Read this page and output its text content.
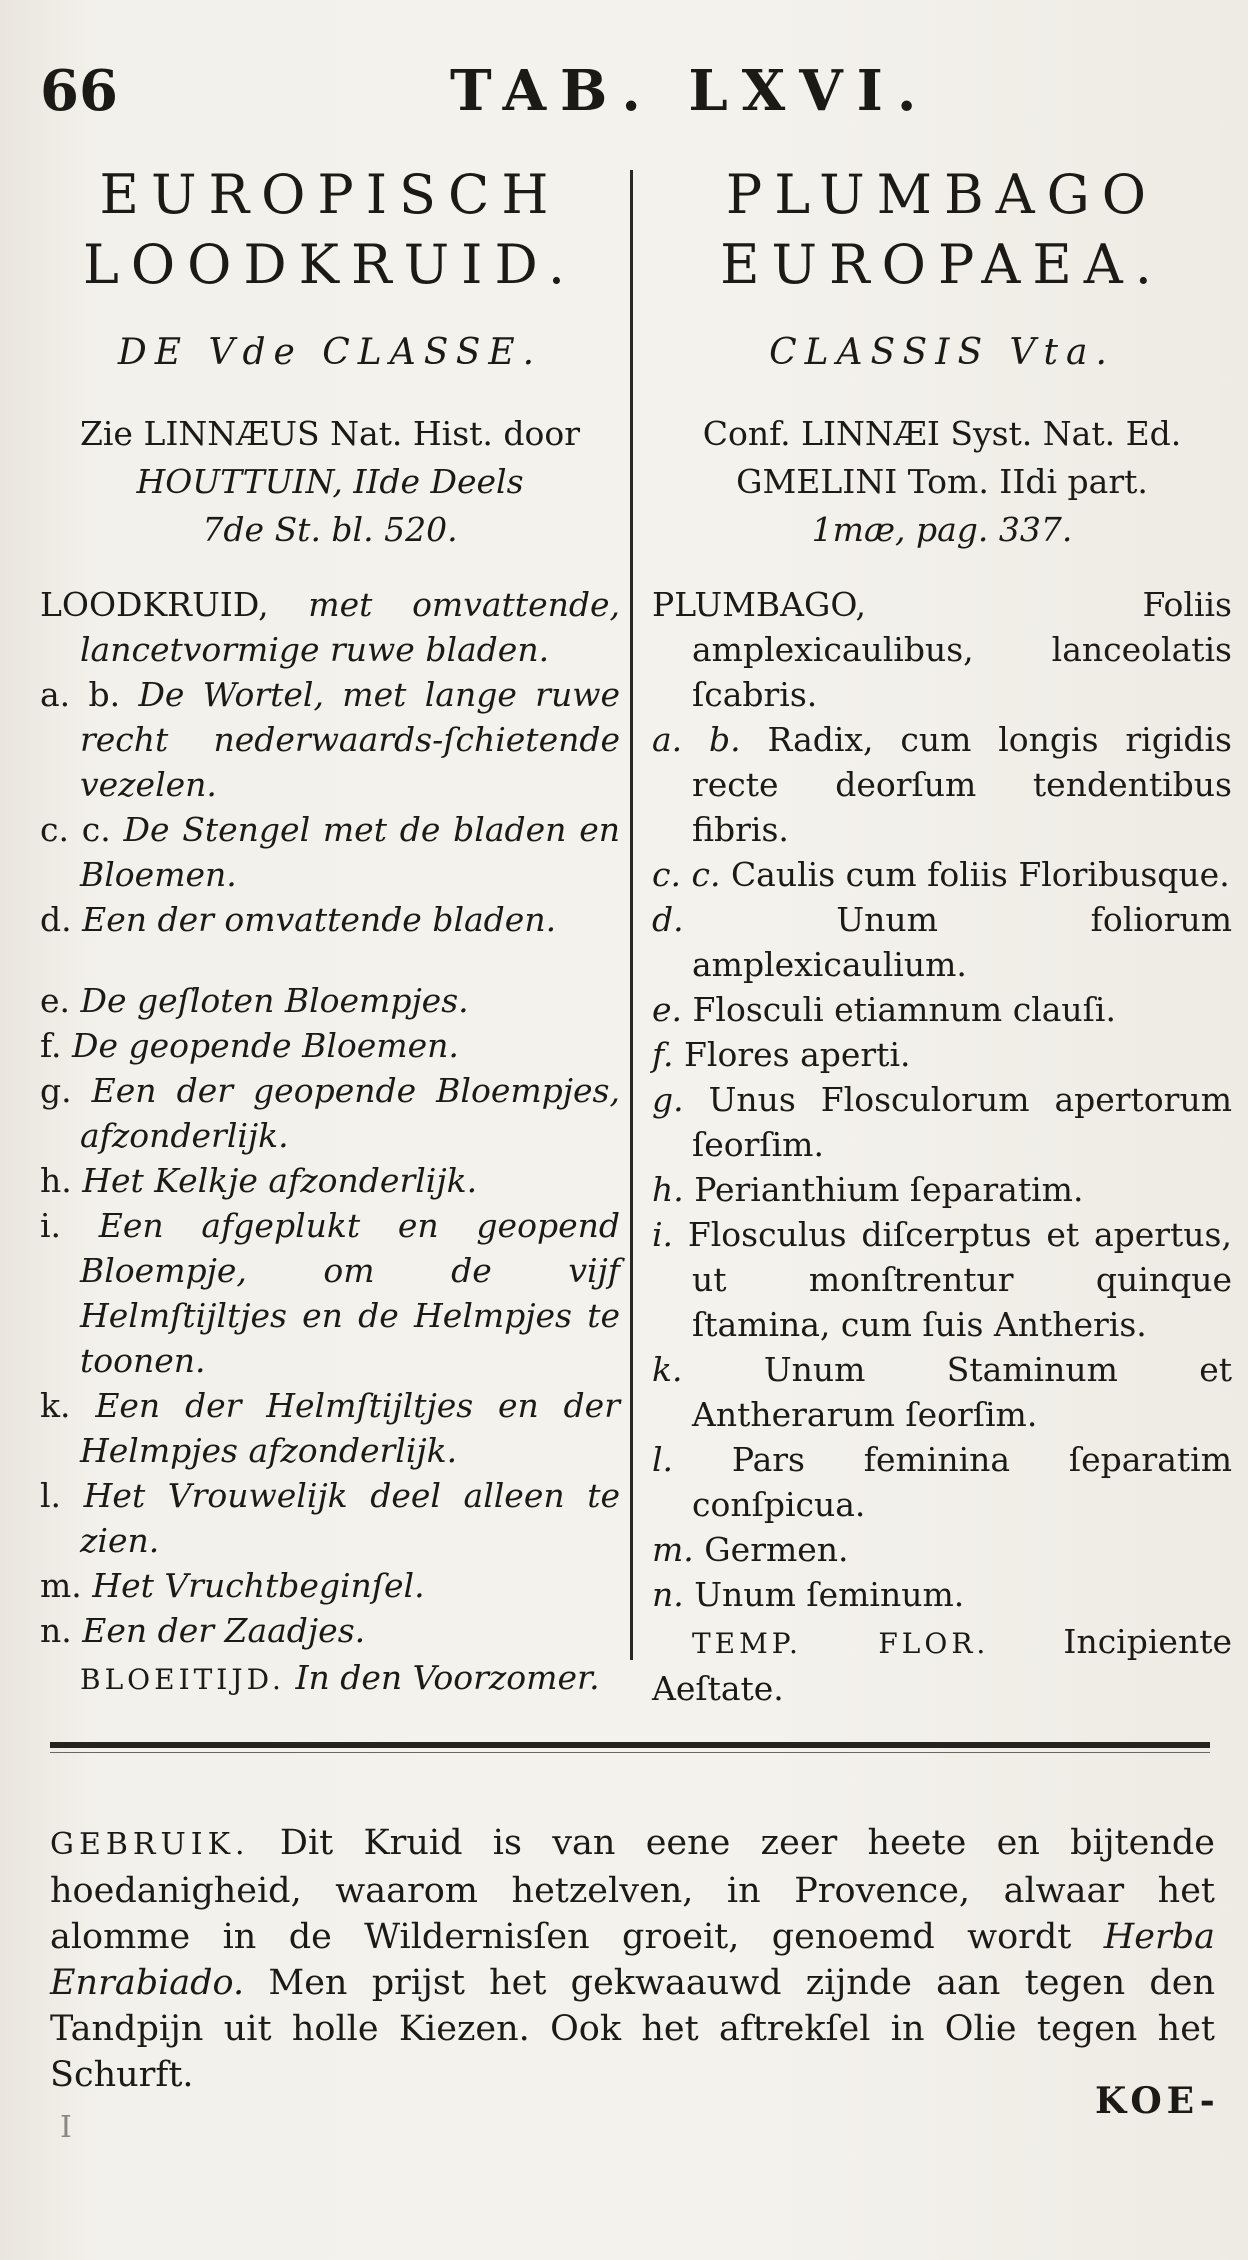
66	TAB. LXVI.
EUROPISCH
LOODKRUID.
DE Vde CLASSE.
Zie LINNÆUS Nat. Hist. door
HOUTTUIN, IIde Deels
7de St. bl. 520.
LOODKRUID, met omvattende, lancetvormige ruwe bladen.
a. b. De Wortel, met lange ruwe recht nederwaards-ſchietende vezelen.
c. c. De Stengel met de bladen en Bloemen.
d. Een der omvattende bladen.
e. De geſloten Bloempjes.
f. De geopende Bloemen.
g. Een der geopende Bloempjes, afzonderlijk.
h. Het Kelkje afzonderlijk.
i. Een afgeplukt en geopend Bloempje, om de vijf Helmſtijltjes en de Helmpjes te toonen.
k. Een der Helmſtijltjes en der Helmpjes afzonderlijk.
l. Het Vrouwelijk deel alleen te zien.
m. Het Vruchtbeginſel.
n. Een der Zaadjes.
BLOEITIJD. In den Voorzomer.
PLUMBAGO
EUROPAEA.
CLASSIS Vta.
Conf. LINNÆI Syst. Nat. Ed.
GMELINI Tom. IIdi part.
1mæ, pag. 337.
PLUMBAGO,	Foliis amplexicaulibus, lanceolatis ſcabris.
a. b. Radix, cum longis rigidis recte deorſum tendentibus fibris.
c. c. Caulis cum foliis Floribusque.
d.	Unum foliorum amplexicaulium.
e. Flosculi etiamnum clauſi.
f. Flores aperti.
g. Unus Flosculorum apertorum ſeorſim.
h. Perianthium ſeparatim.
i. Flosculus diſcerptus et apertus, ut monſtrentur quinque ſtamina, cum ſuis Antheris.
k. Unum Staminum et Antherarum ſeorſim.
l. Pars feminina ſeparatim conſpicua.
m. Germen.
n. Unum ſeminum.
TEMP. FLOR. Incipiente Aeſtate.
GEBRUIK. Dit Kruid is van eene zeer heete en bijtende hoedanigheid, waarom hetzelven, in Provence, alwaar het alomme in de Wildernisſen groeit, genoemd wordt Herba Enrabiado. Men prijst het gekwaauwd zijnde aan tegen den Tandpijn uit holle Kiezen. Ook het aftrekſel in Olie tegen het Schurft.
I
KOE-
